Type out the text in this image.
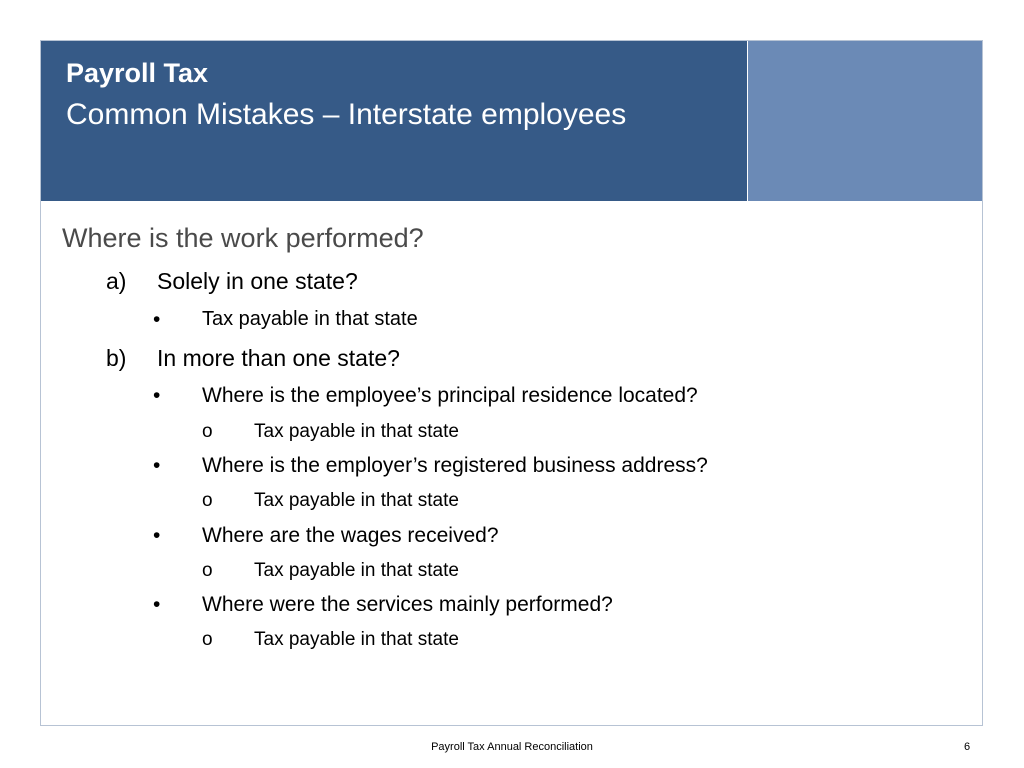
Payroll Tax
Common Mistakes – Interstate employees
Where is the work performed?
a) Solely in one state?
• Tax payable in that state
b) In more than one state?
• Where is the employee’s principal residence located?
o Tax payable in that state
• Where is the employer’s registered business address?
o Tax payable in that state
• Where are the wages received?
o Tax payable in that state
• Where were the services mainly performed?
o Tax payable in that state
Payroll Tax Annual Reconciliation	6
